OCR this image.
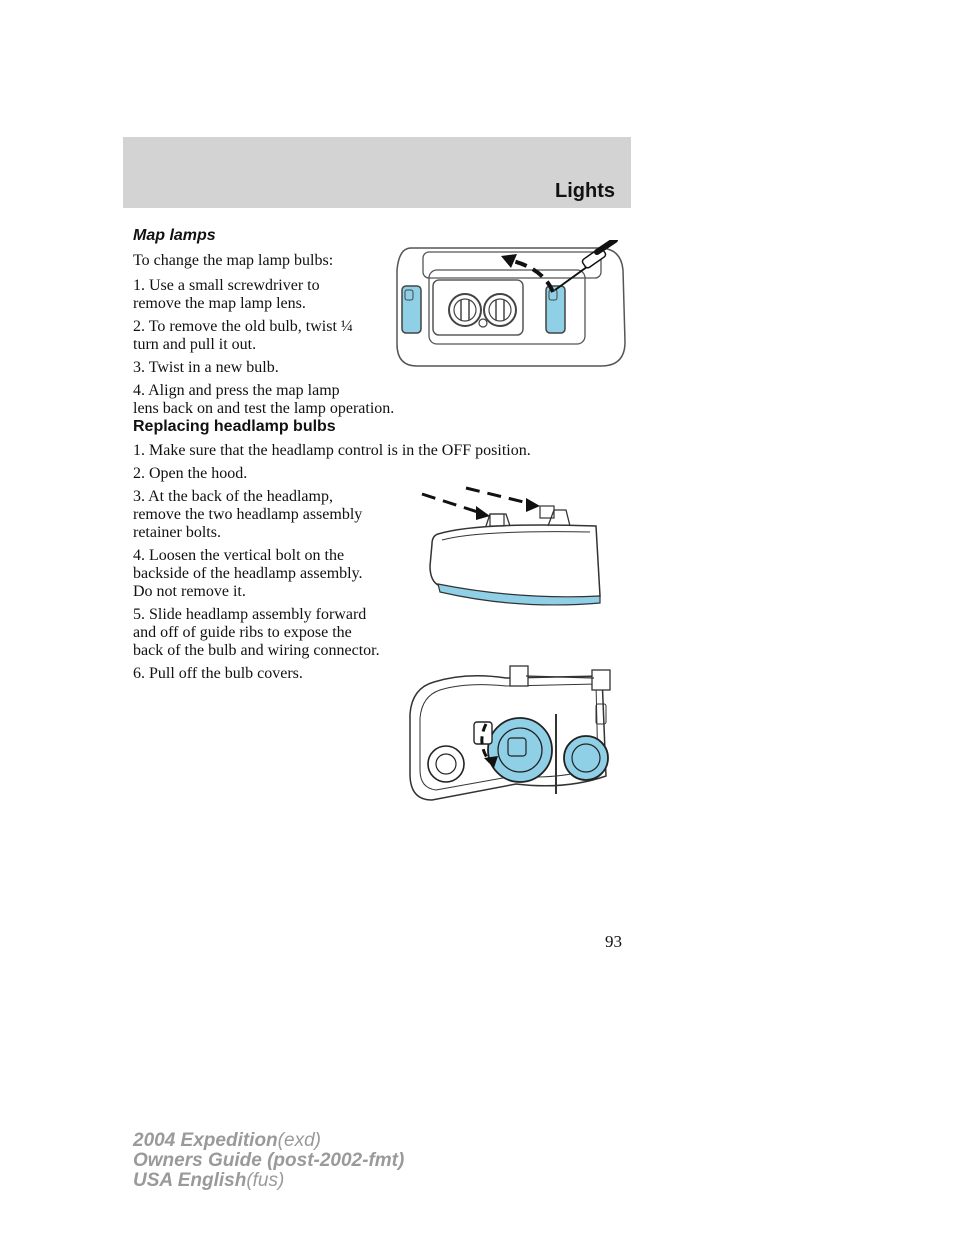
Lights
Map lamps

To change the map lamp bulbs:

1. Use a small screwdriver to

remove the map lamp lens.

2. To remove the old bulb, twist ¼

turn and pull it out.

3. Twist in a new bulb.

4. Align and press the map lamp

lens back on and test the lamp operation.

Replacing headlamp bulbs

1. Make sure that the headlamp control is in the OFF position.

2. Open the hood.

3. At the back of the headlamp,

remove the two headlamp assembly

retainer bolts.

4. Loosen the vertical bolt on the

backside of the headlamp assembly.

Do not remove it.

5. Slide headlamp assembly forward

and off of guide ribs to expose the

back of the bulb and wiring connector.

6. Pull off the bulb covers.

93
2004 Expedition(exd)
Owners Guide (post-2002-fmt)
USA English(fus)
